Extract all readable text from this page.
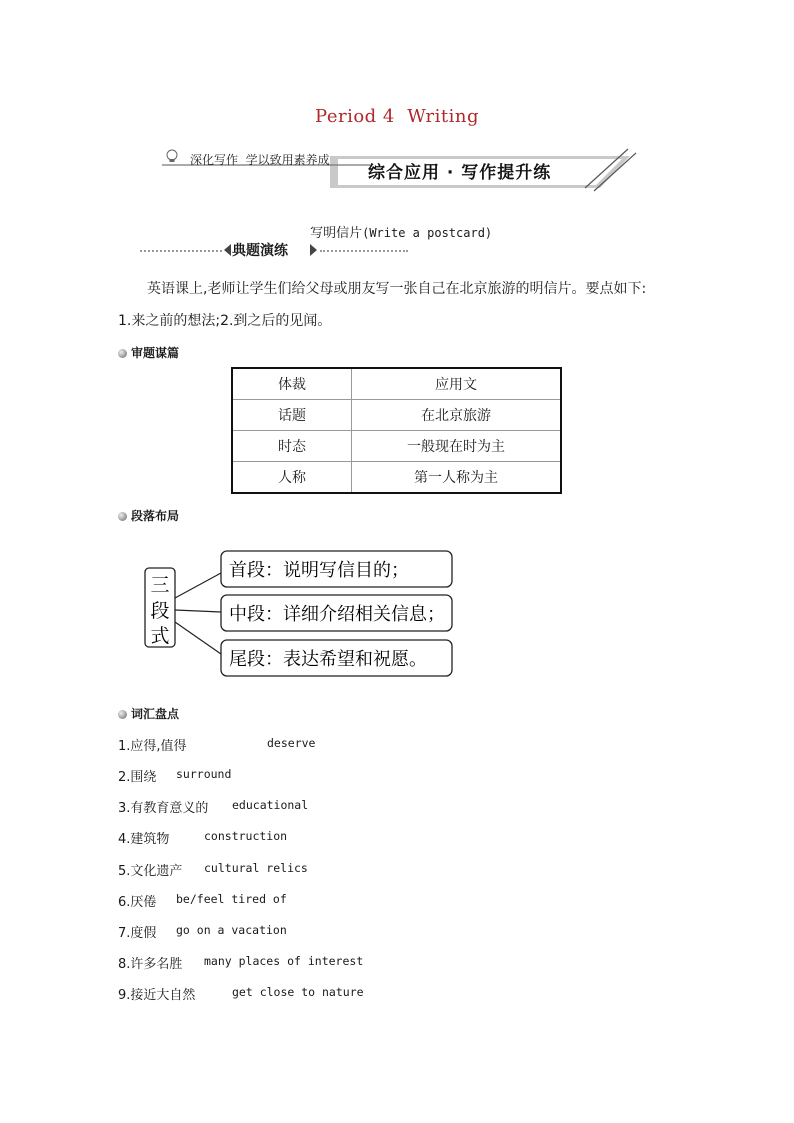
Period 4  Writing
深化写作  学以致用素养成
综合应用 · 写作提升练

写明信片(Write a postcard)

典题演练
英语课上,老师让学生们给父母或朋友写一张自己在北京旅游的明信片。要点如下:
1.来之前的想法;2.到之后的见闻。
审题谋篇
体裁	应用文
话题	在北京旅游
时态	一般现在时为主
人称	第一人称为主
段落布局
三
段
式
首段：说明写信目的；
中段：详细介绍相关信息；
尾段：表达希望和祝愿。
词汇盘点
1.应得,值得	deserve
2.围绕 surround
3.有教育意义的 educational
4.建筑物	construction
5.文化遗产 cultural relics
6.厌倦 be/feel tired of
7.度假 go on a vacation
8.许多名胜 many places of interest
9.接近大自然	get close to nature
